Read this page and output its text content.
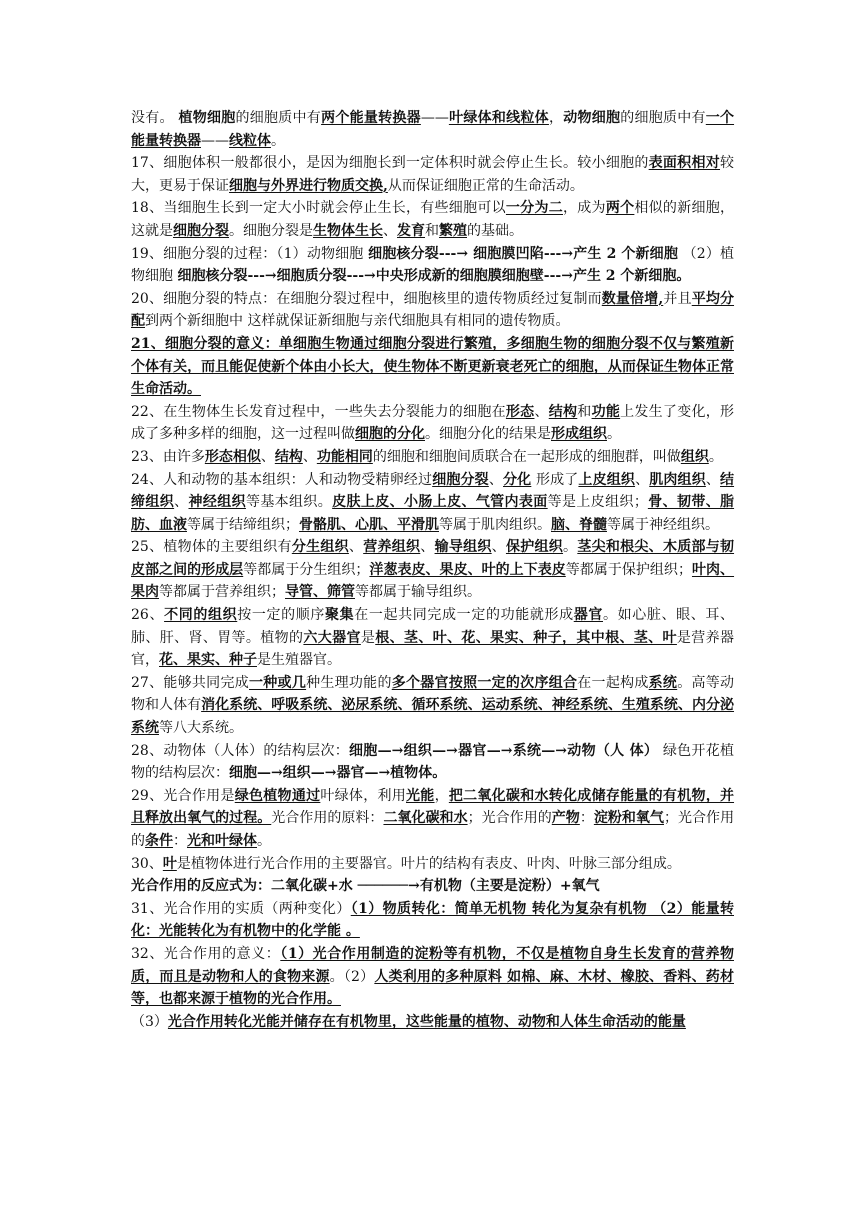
没有。 植物细胞的细胞质中有两个能量转换器——叶绿体和线粒体，动物细胞的细胞质中有一个能量转换器——线粒体。

17、细胞体积一般都很小，是因为细胞长到一定体积时就会停止生长。较小细胞的表面积相对较大，更易于保证细胞与外界进行物质交换,从而保证细胞正常的生命活动。

18、当细胞生长到一定大小时就会停止生长，有些细胞可以一分为二，成为两个相似的新细胞，这就是细胞分裂。细胞分裂是生物体生长、发育和繁殖的基础。

19、细胞分裂的过程：（1）动物细胞 细胞核分裂---→ 细胞膜凹陷---→产生 2 个新细胞 （2）植物细胞 细胞核分裂---→细胞质分裂---→中央形成新的细胞膜细胞壁---→产生 2 个新细胞。

20、细胞分裂的特点：在细胞分裂过程中，细胞核里的遗传物质经过复制而数量倍增,并且平均分配到两个新细胞中 这样就保证新细胞与亲代细胞具有相同的遗传物质。

21、细胞分裂的意义：单细胞生物通过细胞分裂进行繁殖，多细胞生物的细胞分裂不仅与繁殖新个体有关，而且能促使新个体由小长大，使生物体不断更新衰老死亡的细胞，从而保证生物体正常生命活动。

22、在生物体生长发育过程中，一些失去分裂能力的细胞在形态、结构和功能上发生了变化，形成了多种多样的细胞，这一过程叫做细胞的分化。细胞分化的结果是形成组织。

23、由许多形态相似、结构、功能相同的细胞和细胞间质联合在一起形成的细胞群，叫做组织。

24、人和动物的基本组织：人和动物受精卵经过细胞分裂、分化 形成了上皮组织、肌肉组织、结缔组织、神经组织等基本组织。皮肤上皮、小肠上皮、气管内表面等是上皮组织；骨、韧带、脂肪、血液等属于结缔组织；骨骼肌、心肌、平滑肌等属于肌肉组织。脑、脊髓等属于神经组织。

25、植物体的主要组织有分生组织、营养组织、输导组织、保护组织。茎尖和根尖、木质部与韧皮部之间的形成层等都属于分生组织；洋葱表皮、果皮、叶的上下表皮等都属于保护组织；叶肉、果肉等都属于营养组织；导管、筛管等都属于输导组织。

26、不同的组织按一定的顺序聚集在一起共同完成一定的功能就形成器官。如心脏、眼、耳、肺、肝、肾、胃等。植物的六大器官是根、茎、叶、花、果实、种子，其中根、茎、叶是营养器官，花、果实、种子是生殖器官。

27、能够共同完成一种或几种生理功能的多个器官按照一定的次序组合在一起构成系统。高等动物和人体有消化系统、呼吸系统、泌尿系统、循环系统、运动系统、神经系统、生殖系统、内分泌系统等八大系统。

28、动物体（人体）的结构层次：细胞—→组织—→器官—→系统—→动物（人 体） 绿色开花植物的结构层次：细胞—→组织—→器官—→植物体。

29、光合作用是绿色植物通过叶绿体，利用光能，把二氧化碳和水转化成储存能量的有机物，并且释放出氧气的过程。光合作用的原料：二氧化碳和水；光合作用的产物：淀粉和氧气；光合作用的条件：光和叶绿体。

30、叶是植物体进行光合作用的主要器官。叶片的结构有表皮、叶肉、叶脉三部分组成。

光合作用的反应式为：二氧化碳+水 ──────→有机物（主要是淀粉）+氧气

31、光合作用的实质（两种变化）（1）物质转化：简单无机物 转化为复杂有机物 （2）能量转化：光能转化为有机物中的化学能 。

32、光合作用的意义：（1）光合作用制造的淀粉等有机物，不仅是植物自身生长发育的营养物质，而且是动物和人的食物来源。（2）人类利用的多种原料 如棉、麻、木材、橡胶、香料、药材等，也都来源于植物的光合作用。

（3）光合作用转化光能并储存在有机物里，这些能量的植物、动物和人体生命活动的能量
